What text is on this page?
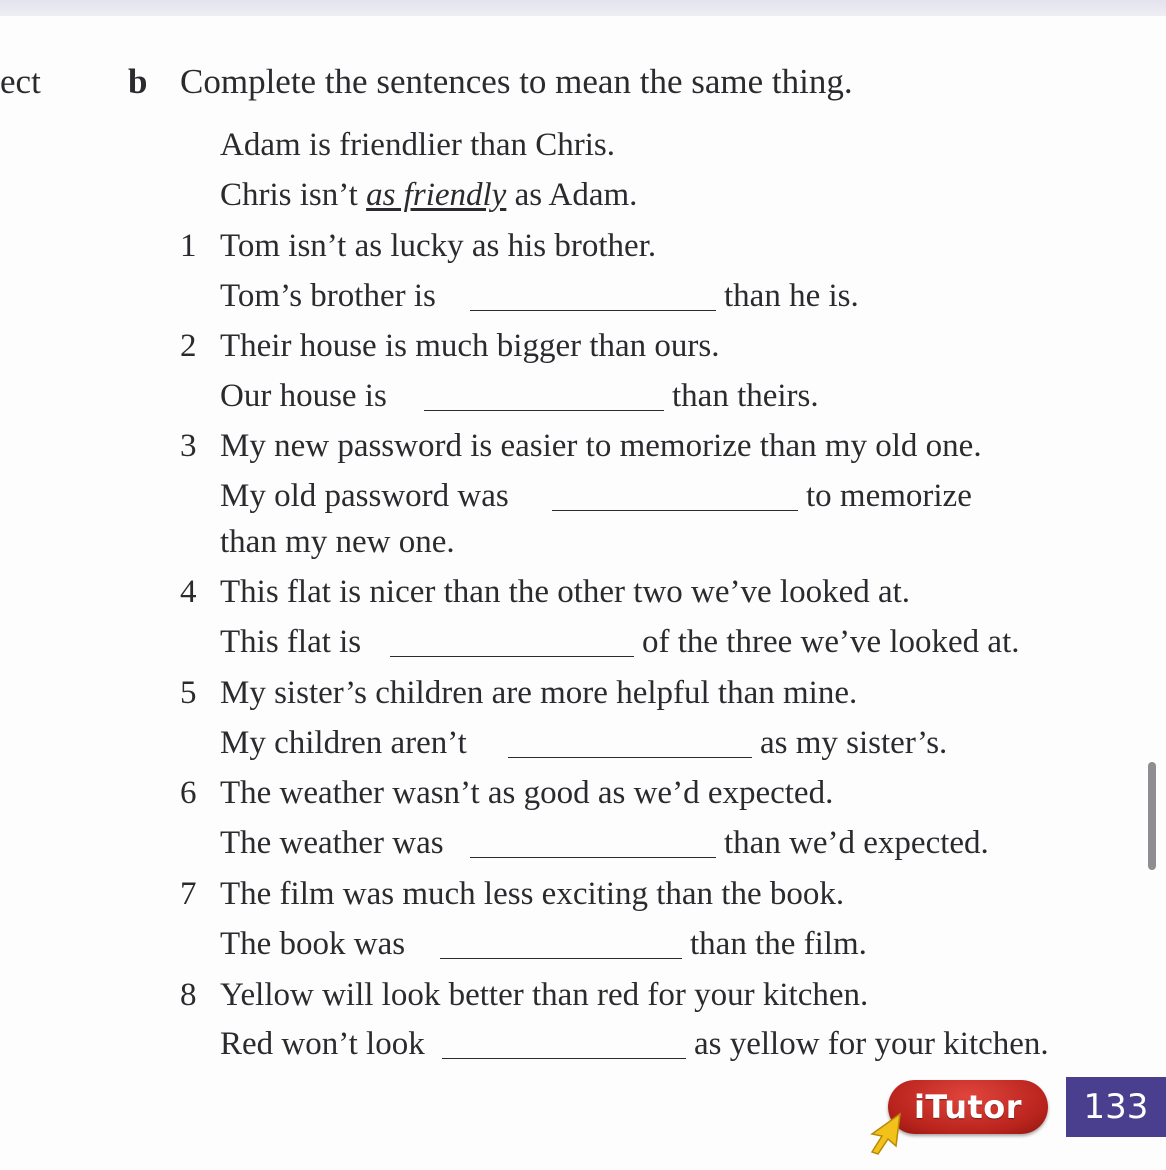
ect b Complete the sentences to mean the same thing.
Adam is friendlier than Chris.
Chris isn’t as friendly as Adam.
1 Tom isn’t as lucky as his brother.
Tom’s brother is	than he is.
2 Their house is much bigger than ours.
Our house is	than theirs.
3 My new password is easier to memorize than my old one.
My old password was	to memorize
than my new one.
4 This flat is nicer than the other two we’ve looked at.
This flat is	of the three we’ve looked at.
5 My sister’s children are more helpful than mine.
My children aren’t	as my sister’s.
6 The weather wasn’t as good as we’d expected.
The weather was	than we’d expected.
7 The film was much less exciting than the book.
The book was	than the film.
8 Yellow will look better than red for your kitchen.
Red won’t look	as yellow for your kitchen.
iTutor	133
